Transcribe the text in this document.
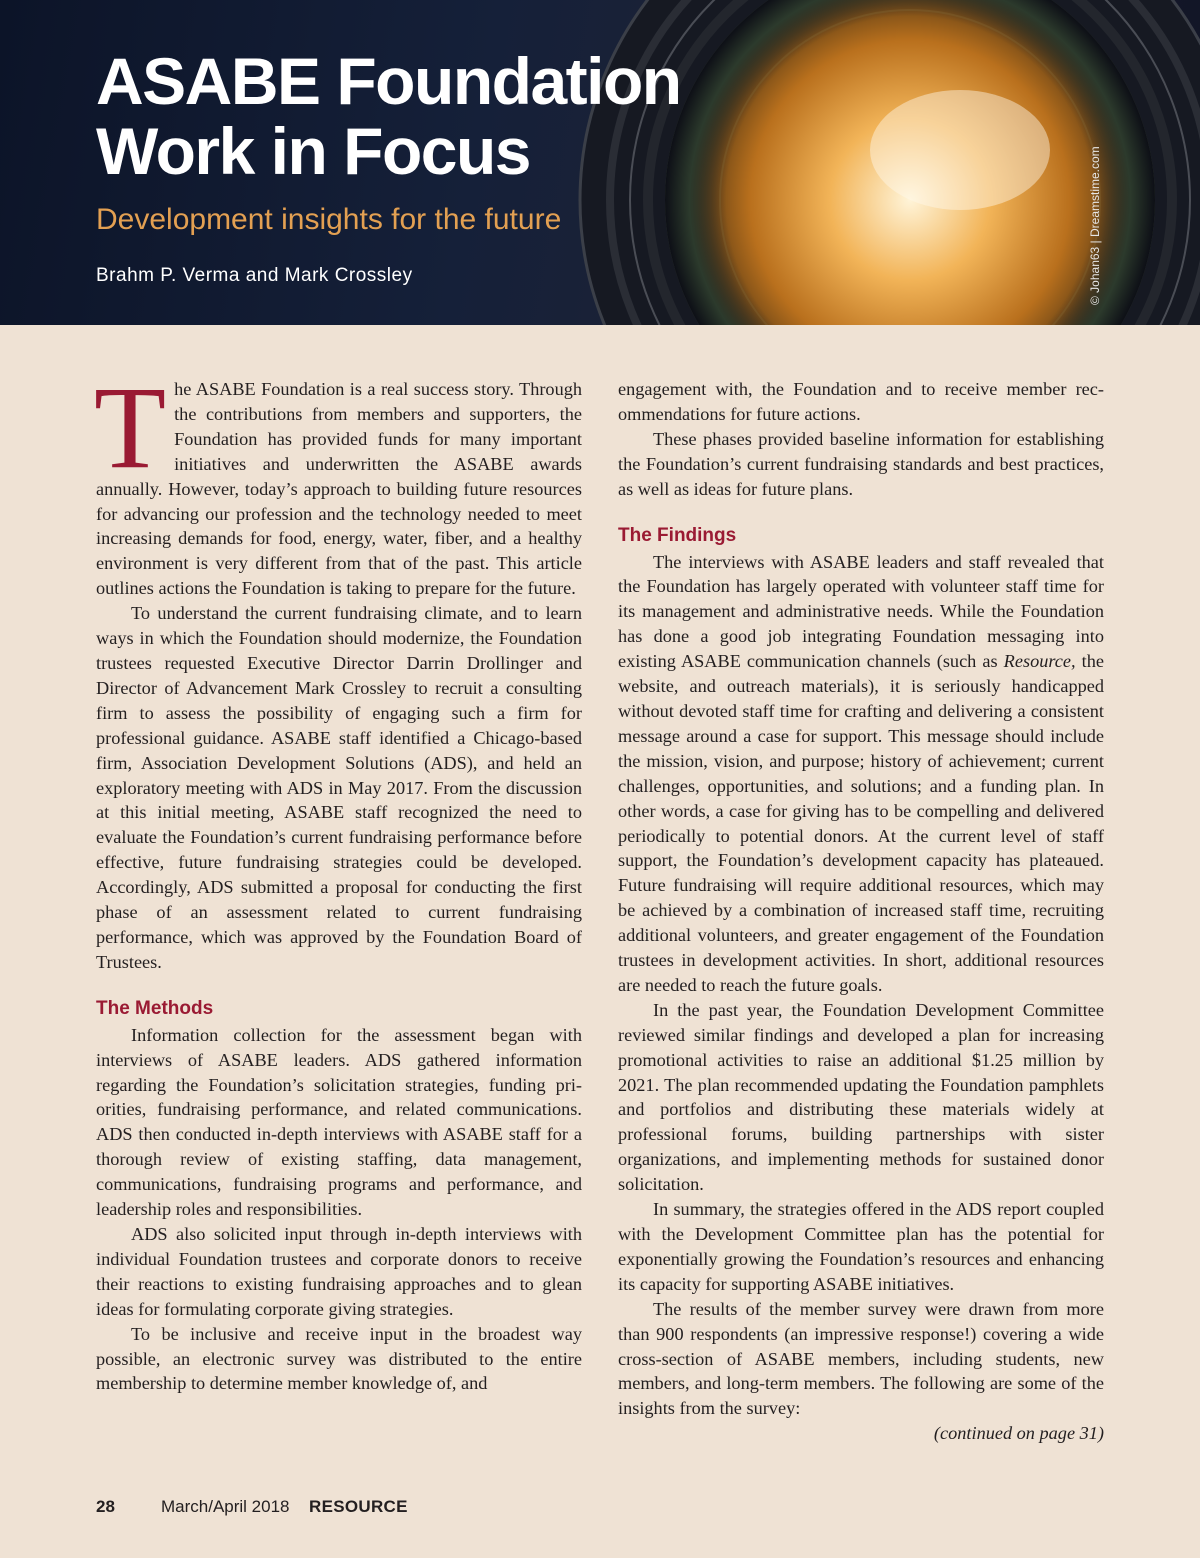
ASABE Foundation
Work in Focus

Development insights for the future

Brahm P. Verma and Mark Crossley	© Johan63 | Dreamstime.com

The ASABE Foundation is a real success story. Through the contributions from members and supporters, the Foundation has provided funds for many important initiatives and underwritten the ASABE awards annually. However, today’s approach to building future resources for advancing our profession and the technology needed to meet increasing demands for food, energy, water, fiber, and a healthy environment is very different from that of the past. This article outlines actions the Foundation is taking to prepare for the future.

To understand the current fundraising climate, and to learn ways in which the Foundation should modernize, the Foundation trustees requested Executive Director Darrin Drollinger and Director of Advancement Mark Crossley to recruit a consulting firm to assess the possibility of engaging such a firm for professional guidance. ASABE staff identified a Chicago-based firm, Association Development Solutions (ADS), and held an exploratory meeting with ADS in May 2017. From the discussion at this initial meeting, ASABE staff recognized the need to evaluate the Foundation’s current fundraising performance before effective, future fundraising strategies could be developed. Accordingly, ADS submitted a proposal for conducting the first phase of an assessment related to current fundraising performance, which was approved by the Foundation Board of Trustees.

The Methods

Information collection for the assessment began with interviews of ASABE leaders. ADS gathered information regarding the Foundation’s solicitation strategies, funding priorities, fundraising performance, and related communications. ADS then conducted in-depth interviews with ASABE staff for a thorough review of existing staffing, data management, communications, fundraising programs and performance, and leadership roles and responsibilities.

ADS also solicited input through in-depth interviews with individual Foundation trustees and corporate donors to receive their reactions to existing fundraising approaches and to glean ideas for formulating corporate giving strategies.

To be inclusive and receive input in the broadest way possible, an electronic survey was distributed to the entire membership to determine member knowledge of, and

engagement with, the Foundation and to receive member recommendations for future actions.

These phases provided baseline information for establishing the Foundation’s current fundraising standards and best practices, as well as ideas for future plans.

The Findings

The interviews with ASABE leaders and staff revealed that the Foundation has largely operated with volunteer staff time for its management and administrative needs. While the Foundation has done a good job integrating Foundation messaging into existing ASABE communication channels (such as Resource, the website, and outreach materials), it is seriously handicapped without devoted staff time for crafting and delivering a consistent message around a case for support. This message should include the mission, vision, and purpose; history of achievement; current challenges, opportunities, and solutions; and a funding plan. In other words, a case for giving has to be compelling and delivered periodically to potential donors. At the current level of staff support, the Foundation’s development capacity has plateaued. Future fundraising will require additional resources, which may be achieved by a combination of increased staff time, recruiting additional volunteers, and greater engagement of the Foundation trustees in development activities. In short, additional resources are needed to reach the future goals.

In the past year, the Foundation Development Committee reviewed similar findings and developed a plan for increasing promotional activities to raise an additional $1.25 million by 2021. The plan recommended updating the Foundation pamphlets and portfolios and distributing these materials widely at professional forums, building partnerships with sister organizations, and implementing methods for sustained donor solicitation.

In summary, the strategies offered in the ADS report coupled with the Development Committee plan has the potential for exponentially growing the Foundation’s resources and enhancing its capacity for supporting ASABE initiatives.

The results of the member survey were drawn from more than 900 respondents (an impressive response!) covering a wide cross-section of ASABE members, including students, new members, and long-term members. The following are some of the insights from the survey:

(continued on page 31)

28	March/April 2018 RESOURCE
